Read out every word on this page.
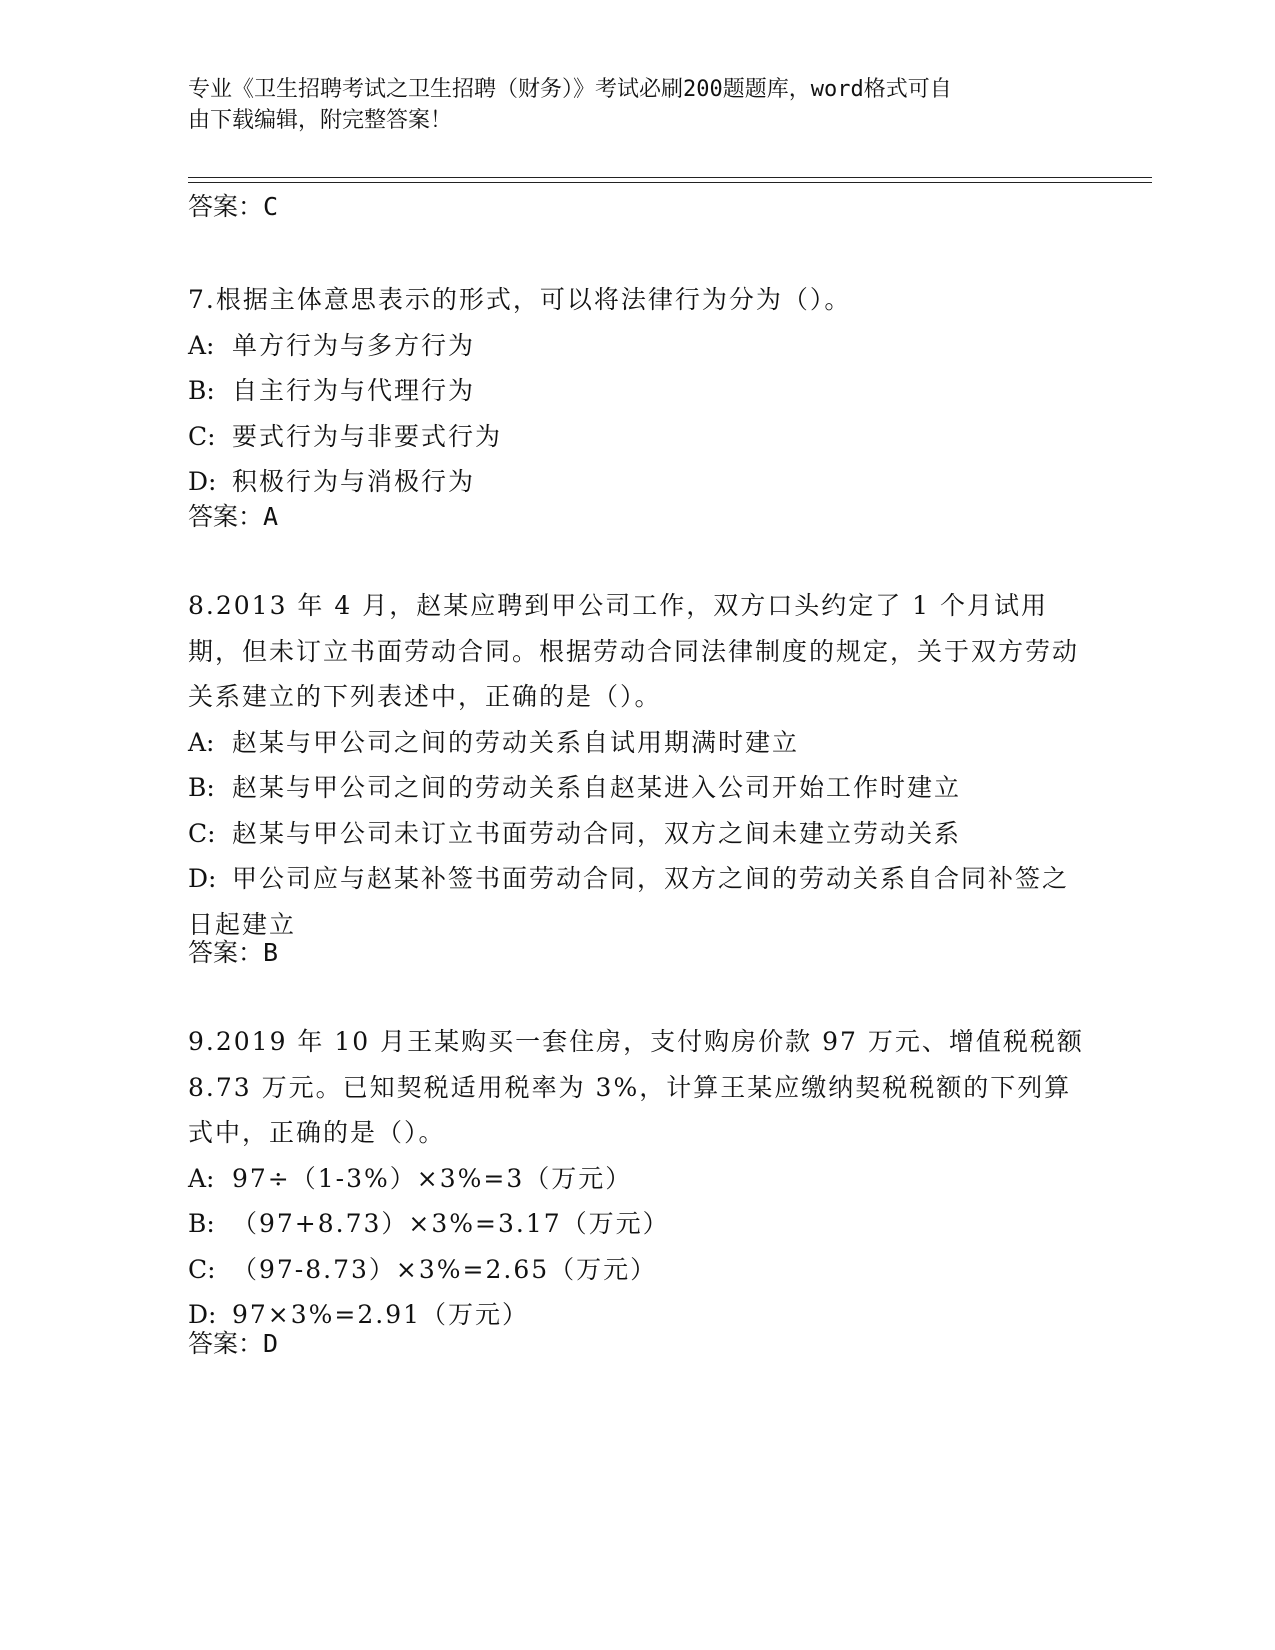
专业《卫生招聘考试之卫生招聘（财务）》考试必刷200题题库，word格式可自
由下载编辑，附完整答案！

答案：C

7.根据主体意思表示的形式，可以将法律行为分为（）。

A: 单方行为与多方行为

B: 自主行为与代理行为

C: 要式行为与非要式行为

D: 积极行为与消极行为

答案：A

8.2013 年 4 月，赵某应聘到甲公司工作，双方口头约定了 1 个月试用期，但未订立书面劳动合同。根据劳动合同法律制度的规定，关于双方劳动关系建立的下列表述中，正确的是（）。

A: 赵某与甲公司之间的劳动关系自试用期满时建立

B: 赵某与甲公司之间的劳动关系自赵某进入公司开始工作时建立

C: 赵某与甲公司未订立书面劳动合同，双方之间未建立劳动关系

D: 甲公司应与赵某补签书面劳动合同，双方之间的劳动关系自合同补签之日起建立

答案：B

9.2019 年 10 月王某购买一套住房，支付购房价款 97 万元、增值税税额 8.73 万元。已知契税适用税率为 3%，计算王某应缴纳契税税额的下列算式中，正确的是（）。

A: 97÷（1-3%）×3%=3（万元）

B: （97+8.73）×3%=3.17（万元）

C: （97-8.73）×3%=2.65（万元）

D: 97×3%=2.91（万元）

答案：D
